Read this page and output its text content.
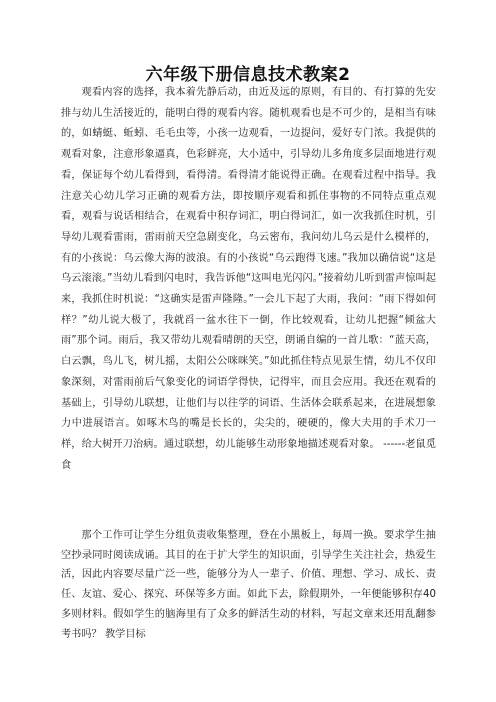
六年级下册信息技术教案2

观看内容的选择，我本着先静后动，由近及远的原则，有目的、有打算的先安排与幼儿生活接近的，能明白得的观看内容。随机观看也是不可少的，是相当有味的，如蜻蜓、蚯蚓、毛毛虫等，小孩一边观看，一边提问，爱好专门浓。我提供的观看对象，注意形象逼真，色彩鲜亮，大小适中，引导幼儿多角度多层面地进行观看，保证每个幼儿看得到，看得清。看得清才能说得正确。在观看过程中指导。我注意关心幼儿学习正确的观看方法，即按顺序观看和抓住事物的不同特点重点观看，观看与说话相结合，在观看中积存词汇，明白得词汇，如一次我抓住时机，引导幼儿观看雷雨，雷雨前天空急剧变化，乌云密布，我问幼儿乌云是什么模样的，有的小孩说：乌云像大海的波浪。有的小孩说“乌云跑得飞速。”我加以确信说“这是乌云滚滚。”当幼儿看到闪电时，我告诉他“这叫电光闪闪。”接着幼儿听到雷声惊叫起来，我抓住时机说：“这确实是雷声隆隆。”一会儿下起了大雨，我问：“雨下得如何样？”幼儿说大极了，我就舀一盆水往下一倒，作比较观看，让幼儿把握“倾盆大雨”那个词。雨后，我又带幼儿观看晴朗的天空，朗诵自编的一首儿歌：“蓝天高，白云飘，鸟儿飞，树儿摇，太阳公公咪咪笑。”如此抓住特点见景生情，幼儿不仅印象深刻，对雷雨前后气象变化的词语学得快，记得牢，而且会应用。我还在观看的基础上，引导幼儿联想，让他们与以往学的词语、生活体会联系起来，在进展想象力中进展语言。如啄木鸟的嘴是长长的，尖尖的，硬硬的，像大夫用的手术刀一样，给大树开刀治病。通过联想，幼儿能够生动形象地描述观看对象。 ------老鼠觅食

那个工作可让学生分组负责收集整理，登在小黑板上，每周一换。要求学生抽空抄录同时阅读成诵。其目的在于扩大学生的知识面，引导学生关注社会，热爱生活，因此内容要尽量广泛一些，能够分为人一辈子、价值、理想、学习、成长、责任、友谊、爱心、探究、环保等多方面。如此下去，除假期外，一年便能够积存40多则材料。假如学生的脑海里有了众多的鲜活生动的材料，写起文章来还用乱翻参考书吗？ 教学目标
